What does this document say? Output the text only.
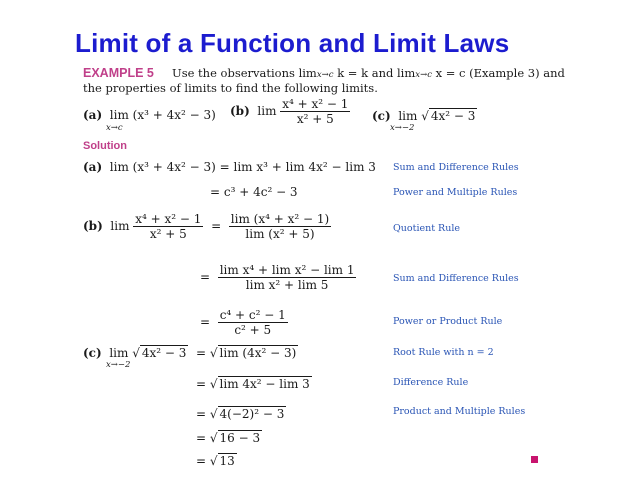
Limit of a Function and Limit Laws
EXAMPLE 5 Use the observations limx→c k = k and limx→c x = c (Example 3) and
the properties of limits to find the following limits.
(a) lim (x³ + 4x² − 3) (b) $\lim \frac{\text{x⁴ + x² − 1}}{\text{x² + 5}} (c)$ lim √ 4x² − 3
x→c	x→−2
Solution
(a) lim (x³ + 4x² − 3) = lim x³ + lim 4x² − lim 3
= c³ + 4c² − 3
(b) $\lim \frac{\text{x⁴ + x² − 1}}{\text{x² + 5}} = \frac{\text{lim (x⁴ + x² − 1)}}{\text{lim (x² + 5)}}$
= $\frac{\text{lim x⁴ + lim x² − lim 1}}{\text{lim x² + lim 5}}$
= $\frac{\text{c⁴ + c² − 1}}{\text{c² + 5}}$
(c) lim √ 4x² − 3 = √ lim (4x² − 3)
x→−2
= √ lim 4x² − lim 3
= √ 4(−2)² − 3
= √ 16 − 3
= √ 13
Sum and Difference Rules
Power and Multiple Rules
Quotient Rule
Sum and Difference Rules
Power or Product Rule
Root Rule with n = 2
Difference Rule
Product and Multiple Rules
